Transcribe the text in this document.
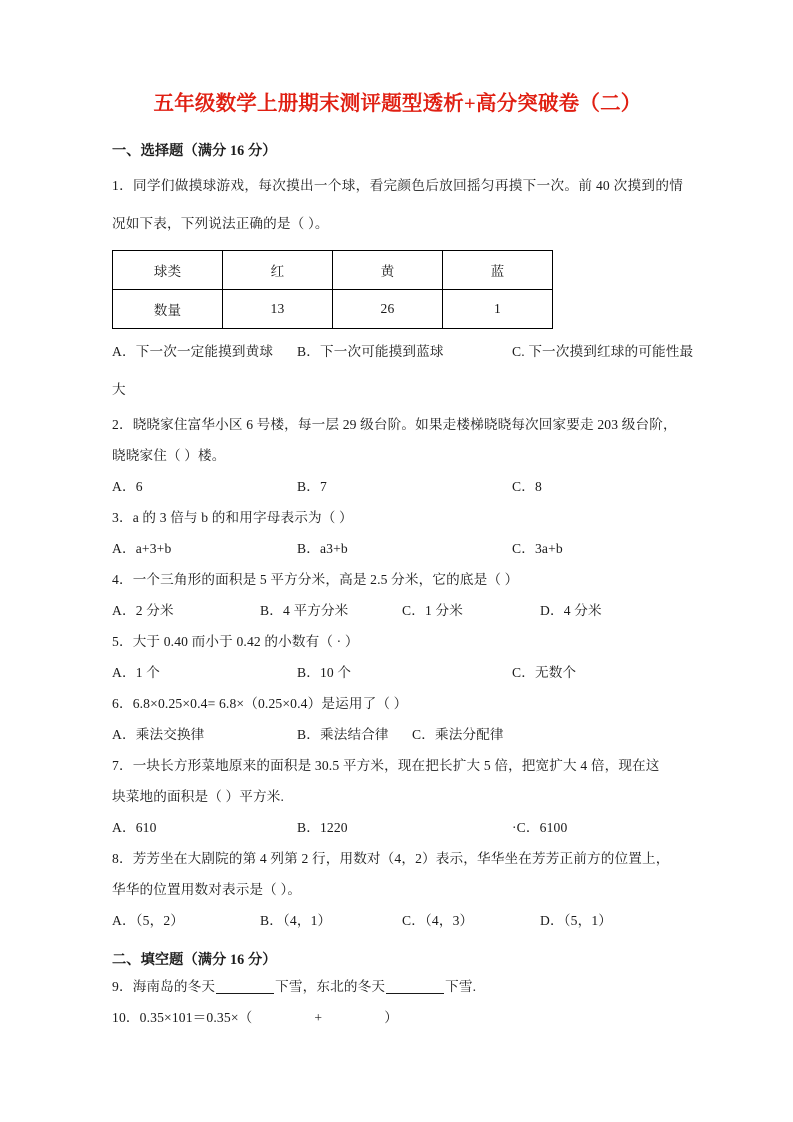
五年级数学上册期末测评题型透析+高分突破卷（二）
一、选择题（满分 16 分）

1．同学们做摸球游戏，每次摸出一个球，看完颜色后放回摇匀再摸下一次。前 40 次摸到的情况如下表，下列说法正确的是（ ）。

球类	红	黄	蓝
数量	13	26	1
A．下一次一定能摸到黄球 B．下一次可能摸到蓝球	C. 下一次摸到红球的可能性最

大

2．晓晓家住富华小区 6 号楼，每一层 29 级台阶。如果走楼梯晓晓每次回家要走 203 级台阶，

晓晓家住（ ）楼。

A．6	B．7	C．8

3．a 的 3 倍与 b 的和用字母表示为（ ）

A．a+3+b	B．a3+b	C．3a+b

4．一个三角形的面积是 5 平方分米，高是 2.5 分米，它的底是（ ）

A．2 分米	B．4 平方分米	C．1 分米	D．4 分米

5．大于 0.40 而小于 0.42 的小数有（ · ）

A．1 个	B．10 个	C．无数个

6．6.8×0.25×0.4= 6.8×（0.25×0.4）是运用了（ ）

A．乘法交换律	B．乘法结合律 C．乘法分配律

7．一块长方形菜地原来的面积是 30.5 平方米，现在把长扩大 5 倍，把宽扩大 4 倍，现在这

块菜地的面积是（ ）平方米.

A．610	B．1220	·C．6100

8．芳芳坐在大剧院的第 4 列第 2 行，用数对（4，2）表示，华华坐在芳芳正前方的位置上，

华华的位置用数对表示是（ ）。

A．（5，2）	B．（4，1）	C．（4，3）	D．（5，1）
二、填空题（满分 16 分）

9．海南岛的冬天	下雪，东北的冬天	下雪.

10．0.35×101＝0.35×（	+	）
